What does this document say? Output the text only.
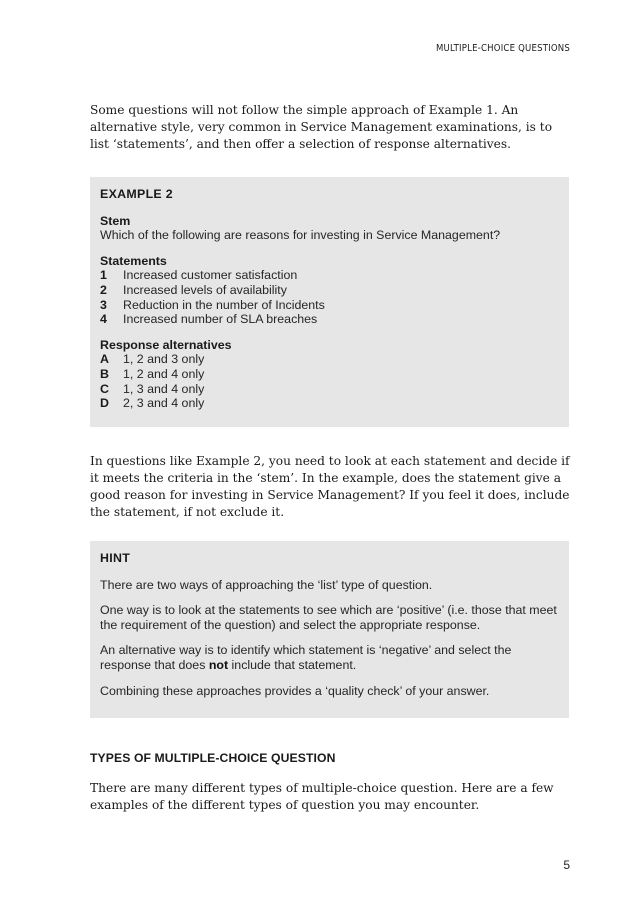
MULTIPLE-CHOICE QUESTIONS

Some questions will not follow the simple approach of Example 1. An alternative style, very common in Service Management examinations, is to list ‘statements’, and then offer a selection of response alternatives.

EXAMPLE 2
Stem
Which of the following are reasons for investing in Service Management?
Statements
1	Increased customer satisfaction
2	Increased levels of availability
3	Reduction in the number of Incidents
4	Increased number of SLA breaches
Response alternatives
A	1, 2 and 3 only
B	1, 2 and 4 only
C	1, 3 and 4 only
D	2, 3 and 4 only

In questions like Example 2, you need to look at each statement and decide if it meets the criteria in the ‘stem’. In the example, does the statement give a good reason for investing in Service Management? If you feel it does, include the statement, if not exclude it.

HINT

There are two ways of approaching the ‘list’ type of question.

One way is to look at the statements to see which are ‘positive’ (i.e. those that meet the requirement of the question) and select the appropriate response.

An alternative way is to identify which statement is ‘negative’ and select the response that does not include that statement.

Combining these approaches provides a ‘quality check’ of your answer.

TYPES OF MULTIPLE-CHOICE QUESTION

There are many different types of multiple-choice question. Here are a few examples of the different types of question you may encounter.

5
